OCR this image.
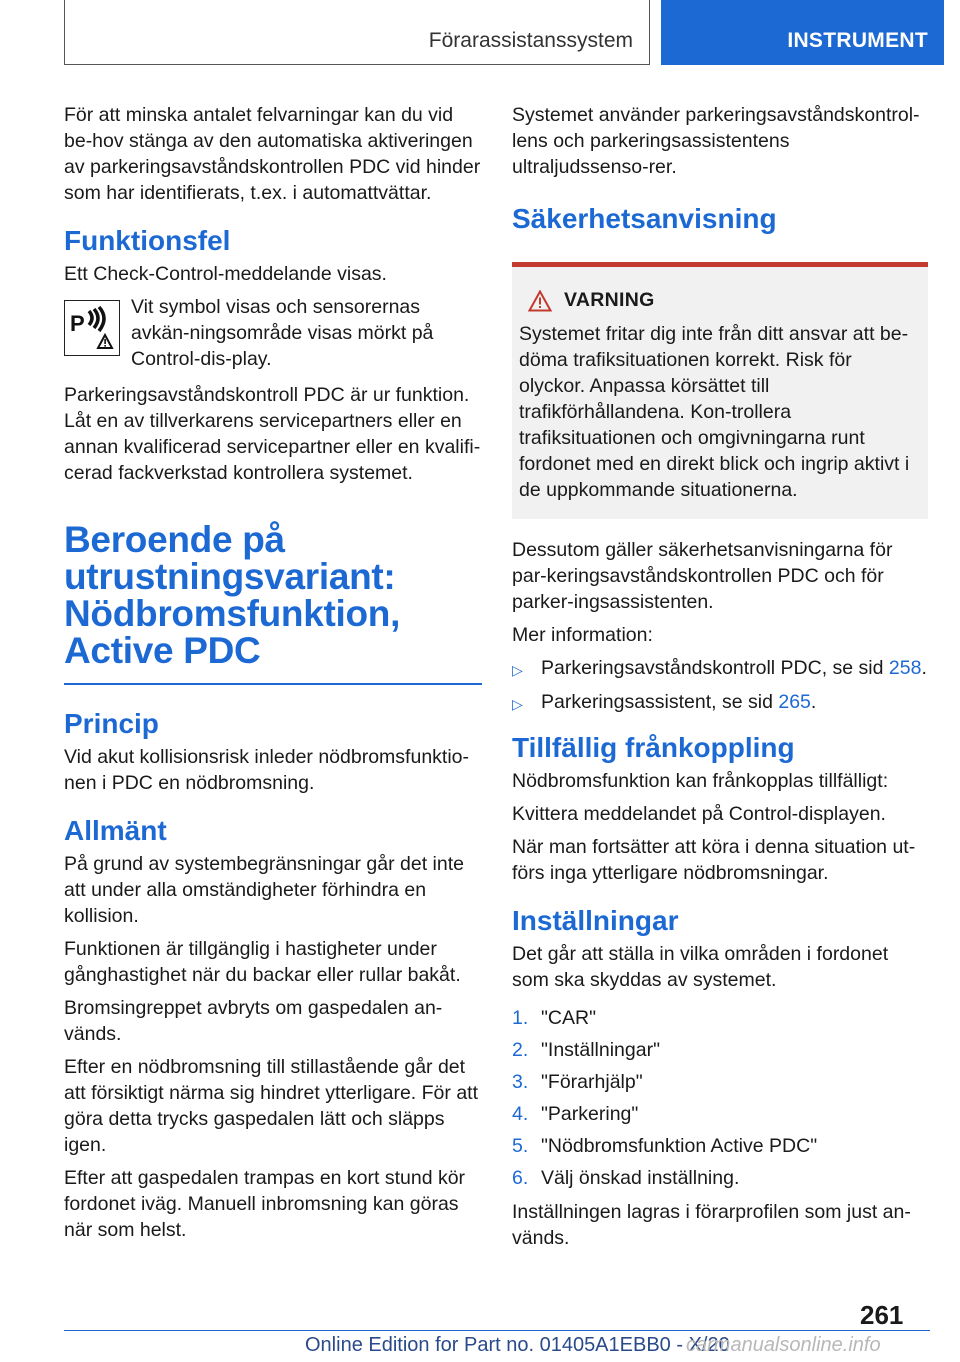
Förarassistanssystem	INSTRUMENT

För att minska antalet felvarningar kan du vid be-hov stänga av den automatiska aktiveringen av parkeringsavståndskontrollen PDC vid hinder som har identifierats, t.ex. i automattvättar.

Funktionsfel

Ett Check-Control-meddelande visas.

P

Vit symbol visas och sensorernas avkän-ningsområde visas mörkt på Control-dis-play.

Parkeringsavståndskontroll PDC är ur funktion. Låt en av tillverkarens servicepartners eller en annan kvalificerad servicepartner eller en kvalifi-cerad fackverkstad kontrollera systemet.

Beroende på utrustningsvariant: Nödbromsfunktion, Active PDC
Princip

Vid akut kollisionsrisk inleder nödbromsfunktio-nen i PDC en nödbromsning.

Allmänt

På grund av systembegränsningar går det inte att under alla omständigheter förhindra en kollision.

Funktionen är tillgänglig i hastigheter under gånghastighet när du backar eller rullar bakåt.

Bromsingreppet avbryts om gaspedalen an-vänds.

Efter en nödbromsning till stillastående går det att försiktigt närma sig hindret ytterligare. För att göra detta trycks gaspedalen lätt och släpps igen.

Efter att gaspedalen trampas en kort stund kör fordonet iväg. Manuell inbromsning kan göras när som helst.

Systemet använder parkeringsavståndskontrol-lens och parkeringsassistentens ultraljudssenso-rer.

Säkerhetsanvisning
VARNING

Systemet fritar dig inte från ditt ansvar att be-döma trafiksituationen korrekt. Risk för olyckor. Anpassa körsättet till trafikförhållandena. Kon-trollera trafiksituationen och omgivningarna runt fordonet med en direkt blick och ingrip aktivt i de uppkommande situationerna.

Dessutom gäller säkerhetsanvisningarna för par-keringsavståndskontrollen PDC och för parker-ingsassistenten.

Mer information:

▷ Parkeringsavståndskontroll PDC, se sid 258.
▷ Parkeringsassistent, se sid 265.
Tillfällig frånkoppling

Nödbromsfunktion kan frånkopplas tillfälligt:

Kvittera meddelandet på Control-displayen.

När man fortsätter att köra i denna situation ut-förs inga ytterligare nödbromsningar.

Inställningar

Det går att ställa in vilka områden i fordonet som ska skyddas av systemet.

1. "CAR"
2. "Inställningar"
3. "Förarhjälp"
4. "Parkering"
5. "Nödbromsfunktion Active PDC"
6. Välj önskad inställning.

Inställningen lagras i förarprofilen som just an-vänds.

261
Online Edition for Part no. 01405A1EBB0 - X/20
carmanualsonline.info
